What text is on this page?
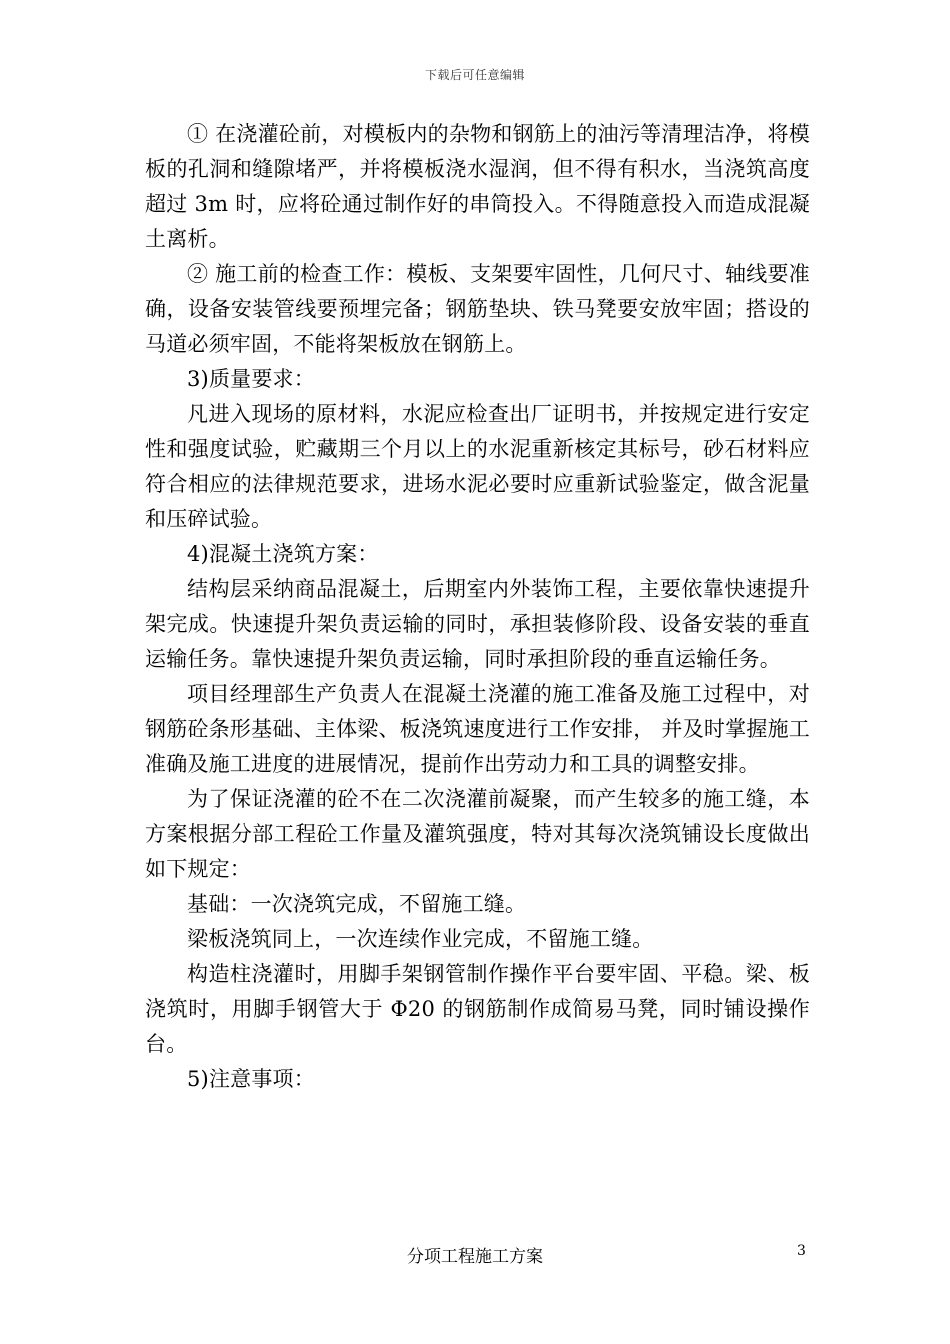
下载后可任意编辑

① 在浇灌砼前，对模板内的杂物和钢筋上的油污等清理洁净，将模板的孔洞和缝隙堵严，并将模板浇水湿润，但不得有积水，当浇筑高度超过 3m 时，应将砼通过制作好的串筒投入。不得随意投入而造成混凝土离析。

② 施工前的检查工作：模板、支架要牢固性，几何尺寸、轴线要准确，设备安装管线要预埋完备；钢筋垫块、铁马凳要安放牢固；搭设的马道必须牢固，不能将架板放在钢筋上。

3)质量要求：

凡进入现场的原材料，水泥应检查出厂证明书，并按规定进行安定性和强度试验，贮藏期三个月以上的水泥重新核定其标号，砂石材料应符合相应的法律规范要求，进场水泥必要时应重新试验鉴定，做含泥量和压碎试验。

4)混凝土浇筑方案：

结构层采纳商品混凝土，后期室内外装饰工程，主要依靠快速提升架完成。快速提升架负责运输的同时，承担装修阶段、设备安装的垂直运输任务。靠快速提升架负责运输，同时承担阶段的垂直运输任务。

项目经理部生产负责人在混凝土浇灌的施工准备及施工过程中，对钢筋砼条形基础、主体梁、板浇筑速度进行工作安排， 并及时掌握施工准确及施工进度的进展情况，提前作出劳动力和工具的调整安排。

为了保证浇灌的砼不在二次浇灌前凝聚，而产生较多的施工缝，本方案根据分部工程砼工作量及灌筑强度，特对其每次浇筑铺设长度做出如下规定：

基础：一次浇筑完成，不留施工缝。

梁板浇筑同上，一次连续作业完成，不留施工缝。

构造柱浇灌时，用脚手架钢管制作操作平台要牢固、平稳。梁、板浇筑时，用脚手钢管大于 Φ20 的钢筋制作成简易马凳，同时铺设操作台。

5)注意事项：

分项工程施工方案	3
